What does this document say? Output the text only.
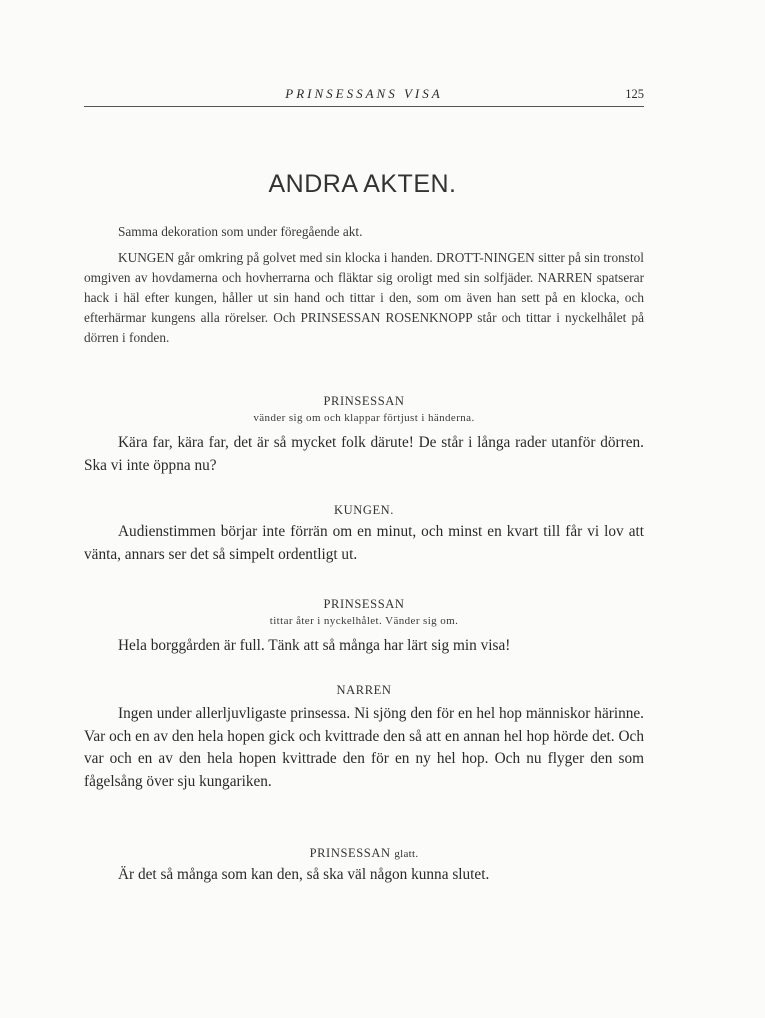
PRINSESSANS VISA	125
ANDRA AKTEN.
Samma dekoration som under föregående akt.
KUNGEN går omkring på golvet med sin klocka i handen. DROTT-NINGEN sitter på sin tronstol omgiven av hovdamerna och hovherrarna och fläktar sig oroligt med sin solfjäder. NARREN spatserar hack i häl efter kungen, håller ut sin hand och tittar i den, som om även han sett på en klocka, och efterhärmar kungens alla rörelser. Och PRINSESSAN ROSENKNOPP står och tittar i nyckelhålet på dörren i fonden.
PRINSESSAN
vänder sig om och klappar förtjust i händerna.
Kära far, kära far, det är så mycket folk därute! De står i långa rader utanför dörren. Ska vi inte öppna nu?
KUNGEN.
Audienstimmen börjar inte förrän om en minut, och minst en kvart till får vi lov att vänta, annars ser det så simpelt ordentligt ut.
PRINSESSAN
tittar åter i nyckelhålet. Vänder sig om.
Hela borggården är full. Tänk att så många har lärt sig min visa!
NARREN
Ingen under allerljuvligaste prinsessa. Ni sjöng den för en hel hop människor härinne. Var och en av den hela hopen gick och kvittrade den så att en annan hel hop hörde det. Och var och en av den hela hopen kvittrade den för en ny hel hop. Och nu flyger den som fågelsång över sju kungariken.
PRINSESSAN glatt.
Är det så många som kan den, så ska väl någon kunna slutet.
